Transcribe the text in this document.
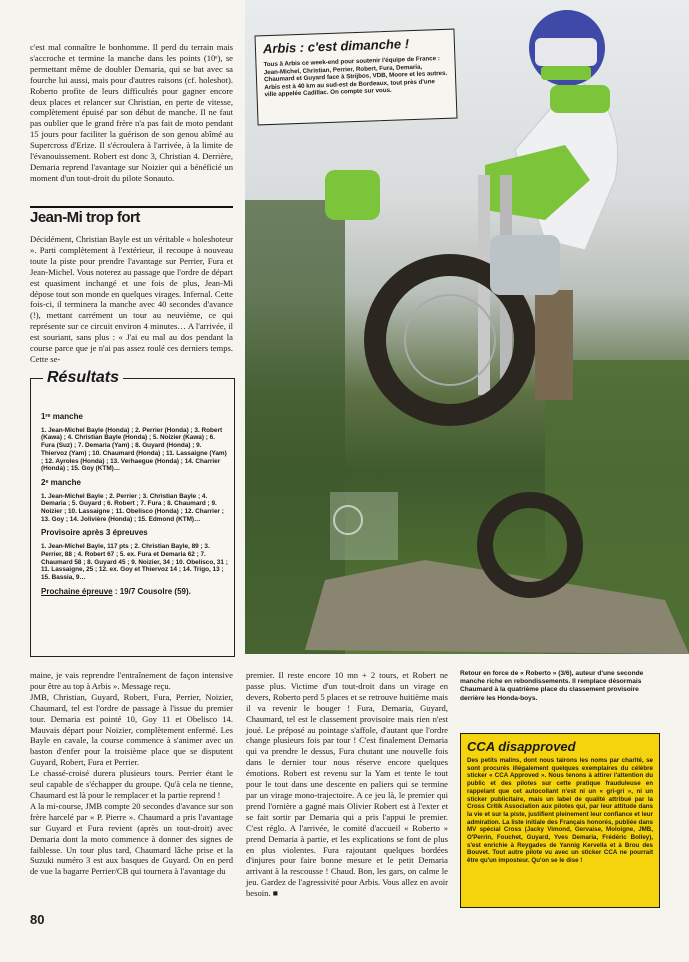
c'est mal connaître le bonhomme. Il perd du terrain mais s'accroche et termine la manche dans les points (10ᵉ), se permettant même de doubler Demaria, qui se bat avec sa fourche lui aussi, mais pour d'autres raisons (cf. holeshot). Roberto profite de leurs difficultés pour gagner encore deux places et relancer sur Christian, en perte de vitesse, complètement épuisé par son début de manche. Il ne faut pas oublier que le grand frère n'a pas fait de moto pendant 15 jours pour faciliter la guérison de son genou abîmé au Supercross d'Erize. Il s'écroulera à l'arrivée, à la limite de l'évanouissement. Robert est donc 3, Christian 4. Derrière, Demaria reprend l'avantage sur Noizier qui a bénéficié un moment d'un tout-droit du pilote Sonauto.

Jean-Mi trop fort

Décidément, Christian Bayle est un véritable « holeshoteur ». Parti complètement à l'extérieur, il recoupe à nouveau toute la piste pour prendre l'avantage sur Perrier, Fura et Jean-Michel. Vous noterez au passage que l'ordre de départ est quasiment inchangé et une fois de plus, Jean-Mi dépose tout son monde en quelques virages. Infernal. Cette fois-ci, il terminera la manche avec 40 secondes d'avance (!), mettant carrément un tour au neuvième, ce qui représente sur ce circuit environ 4 minutes… A l'arrivée, il est souriant, sans plus : « J'ai eu mal au dos pendant la course parce que je n'ai pas assez roulé ces derniers temps. Cette se-

Résultats
1ʳᵉ manche
1. Jean-Michel Bayle (Honda) ; 2. Perrier (Honda) ; 3. Robert (Kawa) ; 4. Christian Bayle (Honda) ; 5. Noizier (Kawa) ; 6. Fura (Suz) ; 7. Demaria (Yam) ; 8. Guyard (Honda) ; 9. Thiervoz (Yam) ; 10. Chaumard (Honda) ; 11. Lassaigne (Yam) ; 12. Ayroles (Honda) ; 13. Verhaegue (Honda) ; 14. Charrier (Honda) ; 15. Goy (KTM)…
2ᵉ manche
1. Jean-Michel Bayle ; 2. Perrier ; 3. Christian Bayle ; 4. Demaria ; 5. Guyard ; 6. Robert ; 7. Fura ; 8. Chaumard ; 9. Noizier ; 10. Lassaigne ; 11. Obelisco (Honda) ; 12. Charrier ; 13. Goy ; 14. Jolivière (Honda) ; 15. Edmond (KTM)…
Provisoire après 3 épreuves
1. Jean-Michel Bayle, 117 pts ; 2. Christian Bayle, 89 ; 3. Perrier, 88 ; 4. Robert 67 ; 5. ex. Fura et Demaria 62 ; 7. Chaumard 58 ; 8. Guyard 45 ; 9. Noizier, 34 ; 10. Obelisco, 31 ; 11. Lassaigne, 25 ; 12. ex. Goy et Thiervoz 14 ; 14. Trigo, 13 ; 15. Bassia, 9…
Prochaine épreuve : 19/7 Cousolre (59).
Arbis : c'est dimanche !
Tous à Arbis ce week-end pour soutenir l'équipe de France : Jean-Michel, Christian, Perrier, Robert, Fura, Demaria, Chaumard et Guyard face à Strijbos, VDB, Moore et les autres. Arbis est à 40 km au sud-est de Bordeaux, tout près d'une ville appelée Cadillac. On compte sur vous.

maine, je vais reprendre l'entraînement de façon intensive pour être au top à Arbis ». Message reçu.
JMB, Christian, Guyard, Robert, Fura, Perrier, Noizier, Chaumard, tel est l'ordre de passage à l'issue du premier tour. Demaria est pointé 10, Goy 11 et Obelisco 14. Mauvais départ pour Noizier, complètement enfermé. Les Bayle en cavale, la course commence à s'animer avec un baston d'enfer pour la troisième place que se disputent Guyard, Robert, Fura et Perrier.
Le chassé-croisé durera plusieurs tours. Perrier étant le seul capable de s'échapper du groupe. Qu'à cela ne tienne, Chaumard est là pour le remplacer et la partie reprend !
A la mi-course, JMB compte 20 secondes d'avance sur son frère harcelé par « P. Pierre ». Chaumard a pris l'avantage sur Guyard et Fura revient (après un tout-droit) avec Demaria dont la moto commence à donner des signes de faiblesse. Un tour plus tard, Chaumard lâche prise et la Suzuki numéro 3 est aux basques de Guyard. On en perd de vue la bagarre Perrier/CB qui tournera à l'avantage du

premier. Il reste encore 10 mn + 2 tours, et Robert ne passe plus. Victime d'un tout-droit dans un virage en devers, Roberto perd 5 places et se retrouve huitième mais il va revenir le bouger ! Fura, Demaria, Guyard, Chaumard, tel est le classement provisoire mais rien n'est joué. Le préposé au pointage s'affole, d'autant que l'ordre change plusieurs fois par tour ! C'est finalement Demaria qui va prendre le dessus, Fura chutant une nouvelle fois dans le dernier tour nous réserve encore quelques émotions. Robert est revenu sur la Yam et tente le tout pour le tout dans une descente en paliers qui se termine par un virage mono-trajectoire. A ce jeu là, le premier qui prend l'ornière a gagné mais Olivier Robert est à l'exter et se fait sortir par Demaria qui a pris l'appui le premier. C'est réglo. A l'arrivée, le comité d'accueil « Roberto » prend Demaria à partie, et les explications se font de plus en plus violentes. Fura rajoutant quelques bordées d'injures pour faire bonne mesure et le petit Demaria arrivant à la rescousse ! Chaud. Bon, les gars, on calme le jeu. Gardez de l'agressivité pour Arbis. Vous allez en avoir besoin. ■

Retour en force de « Roberto » (3/6), auteur d'une seconde manche riche en rebondissements. Il remplace désormais Chaumard à la quatrième place du classement provisoire derrière les Honda-boys.
CCA disapproved
Des petits malins, dont nous tairons les noms par charité, se sont procurés illégalement quelques exemplaires du célèbre sticker « CCA Approved ». Nous tenons à attirer l'attention du public et des pilotes sur cette pratique frauduleuse en rappelant que cet autocollant n'est ni un « gri-gri », ni un sticker publicitaire, mais un label de qualité attribué par la Cross Critik Association aux pilotes qui, par leur attitude dans la vie et sur la piste, justifient pleinement leur confiance et leur admiration. La liste initiale des Français honorés, publiée dans MV spécial Cross (Jacky Vimond, Gervaise, Moloigne, JMB, O'Perrin, Fouchet, Guyard, Yves Demaria, Frédéric Bolley), s'est enrichie à Reygades de Yannig Kervella et à Brou des Bouvet. Tout autre pilote vu avec un sticker CCA ne pourrait être qu'un imposteur. Qu'on se le dise !
80
